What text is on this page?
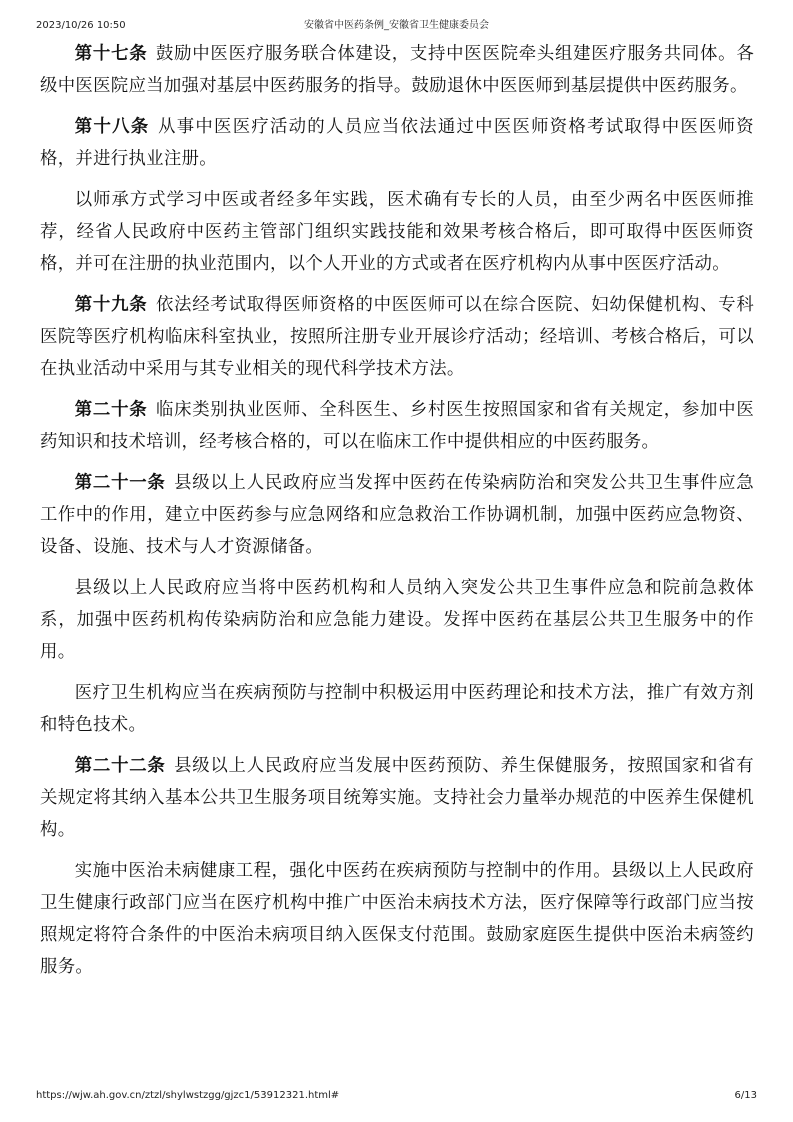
2023/10/26 10:50	安徽省中医药条例_安徽省卫生健康委员会

第十七条 鼓励中医医疗服务联合体建设，支持中医医院牵头组建医疗服务共同体。各级中医医院应当加强对基层中医药服务的指导。鼓励退休中医医师到基层提供中医药服务。

第十八条 从事中医医疗活动的人员应当依法通过中医医师资格考试取得中医医师资格，并进行执业注册。

以师承方式学习中医或者经多年实践，医术确有专长的人员，由至少两名中医医师推荐，经省人民政府中医药主管部门组织实践技能和效果考核合格后，即可取得中医医师资格，并可在注册的执业范围内，以个人开业的方式或者在医疗机构内从事中医医疗活动。

第十九条 依法经考试取得医师资格的中医医师可以在综合医院、妇幼保健机构、专科医院等医疗机构临床科室执业，按照所注册专业开展诊疗活动；经培训、考核合格后，可以在执业活动中采用与其专业相关的现代科学技术方法。

第二十条 临床类别执业医师、全科医生、乡村医生按照国家和省有关规定，参加中医药知识和技术培训，经考核合格的，可以在临床工作中提供相应的中医药服务。

第二十一条 县级以上人民政府应当发挥中医药在传染病防治和突发公共卫生事件应急工作中的作用，建立中医药参与应急网络和应急救治工作协调机制，加强中医药应急物资、设备、设施、技术与人才资源储备。

县级以上人民政府应当将中医药机构和人员纳入突发公共卫生事件应急和院前急救体系，加强中医药机构传染病防治和应急能力建设。发挥中医药在基层公共卫生服务中的作用。

医疗卫生机构应当在疾病预防与控制中积极运用中医药理论和技术方法，推广有效方剂和特色技术。

第二十二条 县级以上人民政府应当发展中医药预防、养生保健服务，按照国家和省有关规定将其纳入基本公共卫生服务项目统筹实施。支持社会力量举办规范的中医养生保健机构。

实施中医治未病健康工程，强化中医药在疾病预防与控制中的作用。县级以上人民政府卫生健康行政部门应当在医疗机构中推广中医治未病技术方法，医疗保障等行政部门应当按照规定将符合条件的中医治未病项目纳入医保支付范围。鼓励家庭医生提供中医治未病签约服务。

https://wjw.ah.gov.cn/ztzl/shylwstzgg/gjzc1/53912321.html#	6/13
